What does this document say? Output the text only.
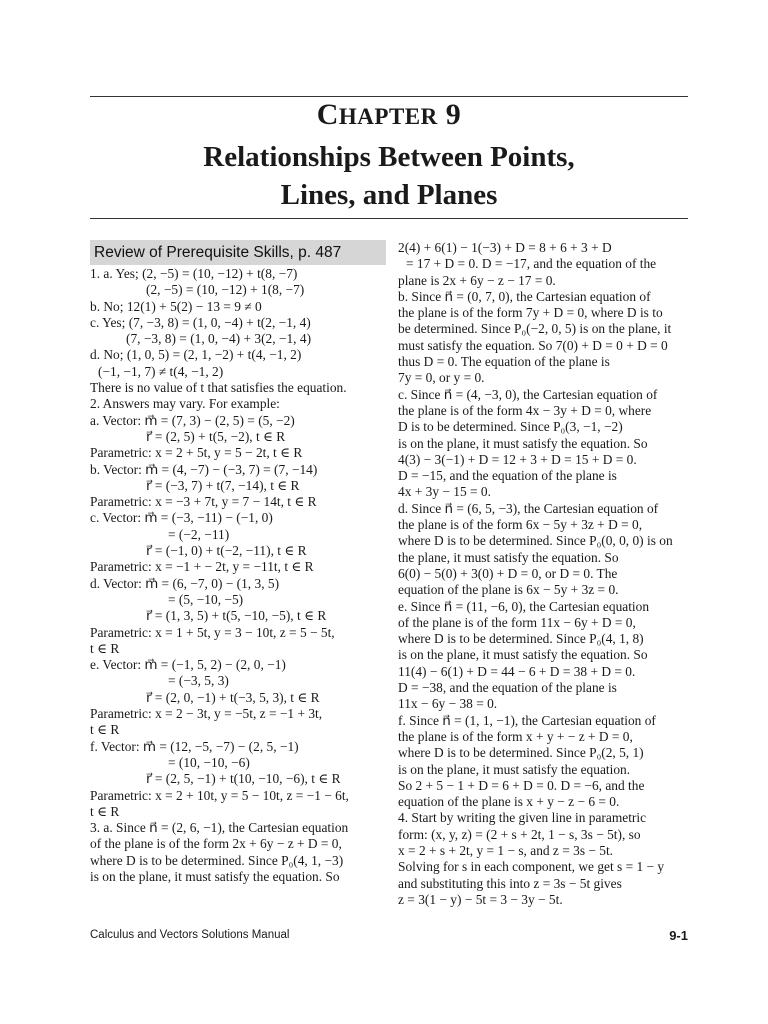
CHAPTER 9
Relationships Between Points,
Lines, and Planes
Review of Prerequisite Skills, p. 487
1. a. Yes; (2, −5) = (10, −12) + t(8, −7)
(2, −5) = (10, −12) + 1(8, −7)
b. No; 12(1) + 5(2) − 13 = 9 ≠ 0
c. Yes; (7, −3, 8) = (1, 0, −4) + t(2, −1, 4)
(7, −3, 8) = (1, 0, −4) + 3(2, −1, 4)
d. No; (1, 0, 5) = (2, 1, −2) + t(4, −1, 2)
(−1, −1, 7) ≠ t(4, −1, 2)
There is no value of t that satisfies the equation.
2. Answers may vary. For example:
a. Vector: m⃗ = (7, 3) − (2, 5) = (5, −2)
r⃗ = (2, 5) + t(5, −2), t ∈ R
Parametric: x = 2 + 5t, y = 5 − 2t, t ∈ R
b. Vector: m⃗ = (4, −7) − (−3, 7) = (7, −14)
r⃗ = (−3, 7) + t(7, −14), t ∈ R
Parametric: x = −3 + 7t, y = 7 − 14t, t ∈ R
c. Vector: m⃗ = (−3, −11) − (−1, 0)
= (−2, −11)
r⃗ = (−1, 0) + t(−2, −11), t ∈ R
Parametric: x = −1 + − 2t, y = −11t, t ∈ R
d. Vector: m⃗ = (6, −7, 0) − (1, 3, 5)
= (5, −10, −5)
r⃗ = (1, 3, 5) + t(5, −10, −5), t ∈ R
Parametric: x = 1 + 5t, y = 3 − 10t, z = 5 − 5t,
t ∈ R
e. Vector: m⃗ = (−1, 5, 2) − (2, 0, −1)
= (−3, 5, 3)
r⃗ = (2, 0, −1) + t(−3, 5, 3), t ∈ R
Parametric: x = 2 − 3t, y = −5t, z = −1 + 3t,
t ∈ R
f. Vector: m⃗ = (12, −5, −7) − (2, 5, −1)
= (10, −10, −6)
r⃗ = (2, 5, −1) + t(10, −10, −6), t ∈ R
Parametric: x = 2 + 10t, y = 5 − 10t, z = −1 − 6t,
t ∈ R
3. a. Since n⃗ = (2, 6, −1), the Cartesian equation
of the plane is of the form 2x + 6y − z + D = 0,
where D is to be determined. Since P₀(4, 1, −3)
is on the plane, it must satisfy the equation. So
2(4) + 6(1) − 1(−3) + D = 8 + 6 + 3 + D
= 17 + D = 0. D = −17, and the equation of the
plane is 2x + 6y − z − 17 = 0.
b. Since n⃗ = (0, 7, 0), the Cartesian equation of
the plane is of the form 7y + D = 0, where D is to
be determined. Since P₀(−2, 0, 5) is on the plane, it
must satisfy the equation. So 7(0) + D = 0 + D = 0
thus D = 0. The equation of the plane is
7y = 0, or y = 0.
c. Since n⃗ = (4, −3, 0), the Cartesian equation of
the plane is of the form 4x − 3y + D = 0, where
D is to be determined. Since P₀(3, −1, −2)
is on the plane, it must satisfy the equation. So
4(3) − 3(−1) + D = 12 + 3 + D = 15 + D = 0.
D = −15, and the equation of the plane is
4x + 3y − 15 = 0.
d. Since n⃗ = (6, 5, −3), the Cartesian equation of
the plane is of the form 6x − 5y + 3z + D = 0,
where D is to be determined. Since P₀(0, 0, 0) is on
the plane, it must satisfy the equation. So
6(0) − 5(0) + 3(0) + D = 0, or D = 0. The
equation of the plane is 6x − 5y + 3z = 0.
e. Since n⃗ = (11, −6, 0), the Cartesian equation
of the plane is of the form 11x − 6y + D = 0,
where D is to be determined. Since P₀(4, 1, 8)
is on the plane, it must satisfy the equation. So
11(4) − 6(1) + D = 44 − 6 + D = 38 + D = 0.
D = −38, and the equation of the plane is
11x − 6y − 38 = 0.
f. Since n⃗ = (1, 1, −1), the Cartesian equation of
the plane is of the form x + y + − z + D = 0,
where D is to be determined. Since P₀(2, 5, 1)
is on the plane, it must satisfy the equation.
So 2 + 5 − 1 + D = 6 + D = 0. D = −6, and the
equation of the plane is x + y − z − 6 = 0.
4. Start by writing the given line in parametric
form: (x, y, z) = (2 + s + 2t, 1 − s, 3s − 5t), so
x = 2 + s + 2t, y = 1 − s, and z = 3s − 5t.
Solving for s in each component, we get s = 1 − y
and substituting this into z = 3s − 5t gives
z = 3(1 − y) − 5t = 3 − 3y − 5t.
Calculus and Vectors Solutions Manual	9-1
